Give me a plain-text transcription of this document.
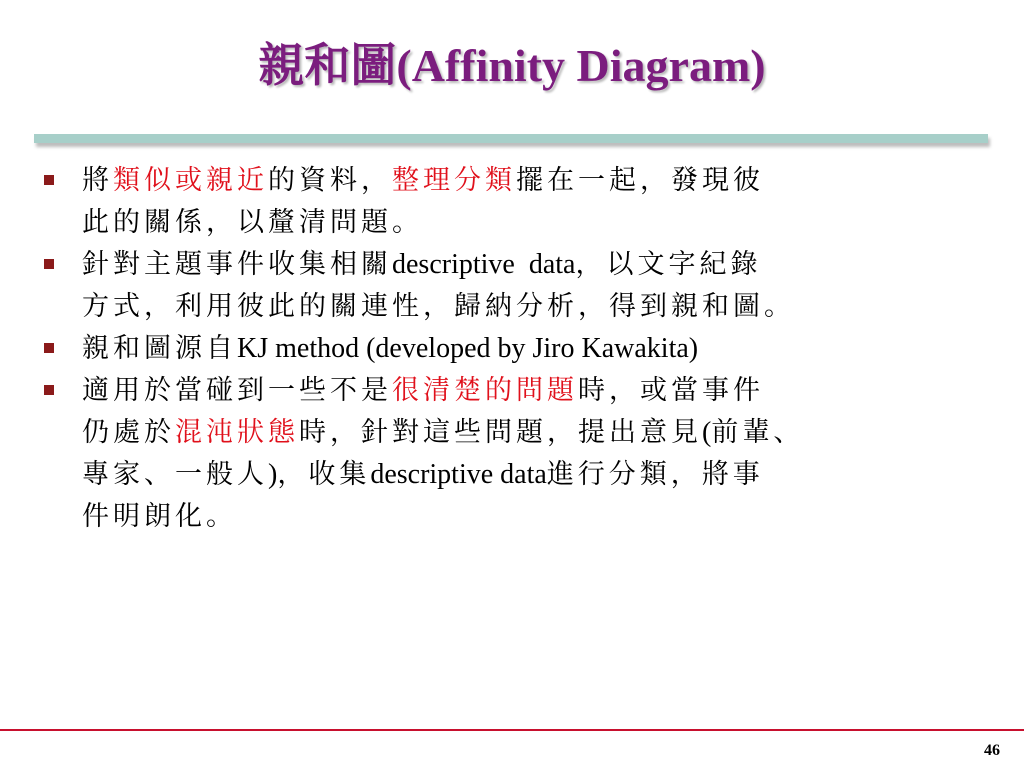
親和圖(Affinity Diagram)
將類似或親近的資料，整理分類擺在一起，發現彼
此的關係，以釐清問題。
針對主題事件收集相關descriptive  data，以文字紀錄
方式，利用彼此的關連性，歸納分析，得到親和圖。
親和圖源自KJ method (developed by Jiro Kawakita)
適用於當碰到一些不是很清楚的問題時，或當事件
仍處於混沌狀態時，針對這些問題，提出意見(前輩、
專家、一般人)，收集descriptive data進行分類，將事
件明朗化。
46
